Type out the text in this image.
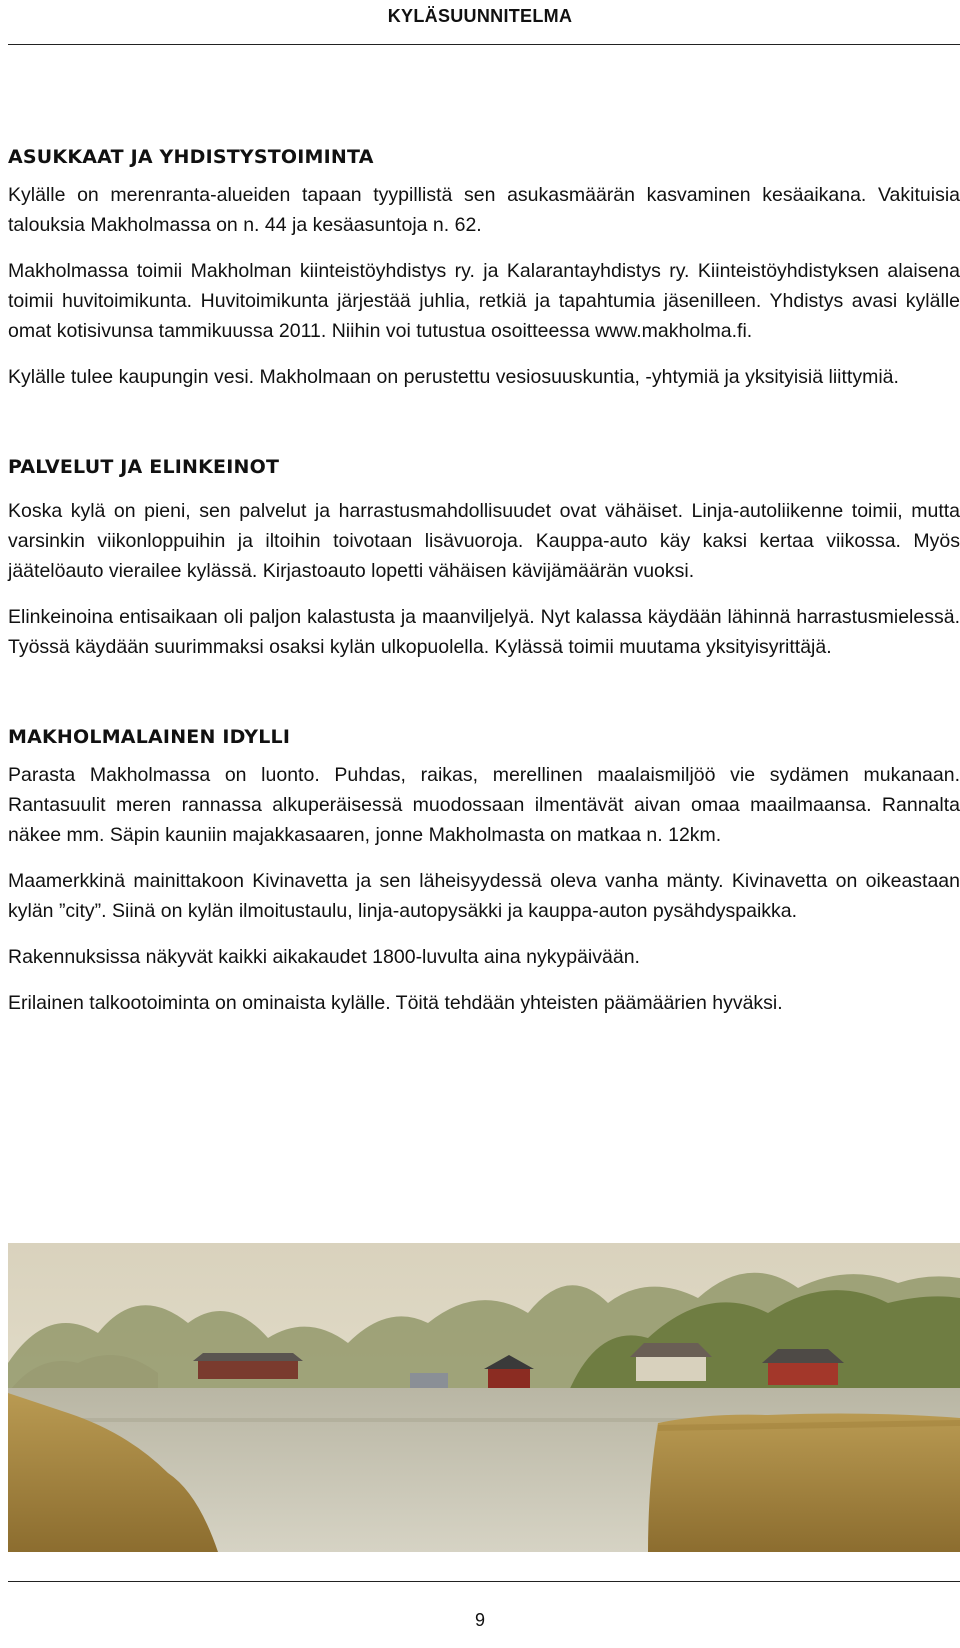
KYLÄSUUNNITELMA
ASUKKAAT JA YHDISTYSTOIMINTA

Kylälle on merenranta-alueiden tapaan tyypillistä sen asukasmäärän kasvaminen kesäaikana. Vakituisia talouksia Makholmassa on n. 44 ja kesäasuntoja n. 62.

Makholmassa toimii Makholman kiinteistöyhdistys ry. ja Kalarantayhdistys ry. Kiinteistöyhdistyksen alaisena toimii huvitoimikunta. Huvitoimikunta järjestää juhlia, retkiä ja tapahtumia jäsenilleen. Yhdistys avasi kylälle omat kotisivunsa tammikuussa 2011. Niihin voi tutustua osoitteessa www.makholma.fi.

Kylälle tulee kaupungin vesi. Makholmaan on perustettu vesiosuuskuntia, -yhtymiä ja yksityisiä liittymiä.

PALVELUT JA ELINKEINOT

Koska kylä on pieni, sen palvelut ja harrastusmahdollisuudet ovat vähäiset. Linja-autoliikenne toimii, mutta varsinkin viikonloppuihin ja iltoihin toivotaan lisävuoroja. Kauppa-auto käy kaksi kertaa viikossa. Myös jäätelöauto vierailee kylässä. Kirjastoauto lopetti vähäisen kävijämäärän vuoksi.

Elinkeinoina entisaikaan oli paljon kalastusta ja maanviljelyä. Nyt kalassa käydään lähinnä harrastusmielessä. Työssä käydään suurimmaksi osaksi kylän ulkopuolella. Kylässä toimii muutama yksityisyrittäjä.

MAKHOLMALAINEN IDYLLI

Parasta Makholmassa on luonto. Puhdas, raikas, merellinen maalaismiljöö vie sydämen mukanaan. Rantasuulit meren rannassa alkuperäisessä muodossaan ilmentävät aivan omaa maailmaansa. Rannalta näkee mm. Säpin kauniin majakkasaaren, jonne Makholmasta on matkaa n. 12km.

Maamerkkinä mainittakoon Kivinavetta ja sen läheisyydessä oleva vanha mänty. Kivinavetta on oikeastaan kylän ”city”. Siinä on kylän ilmoitustaulu, linja-autopysäkki ja kauppa-auton pysähdyspaikka.

Rakennuksissa näkyvät kaikki aikakaudet 1800-luvulta aina nykypäivään.

Erilainen talkootoiminta on ominaista kylälle. Töitä tehdään yhteisten päämäärien hyväksi.

9
